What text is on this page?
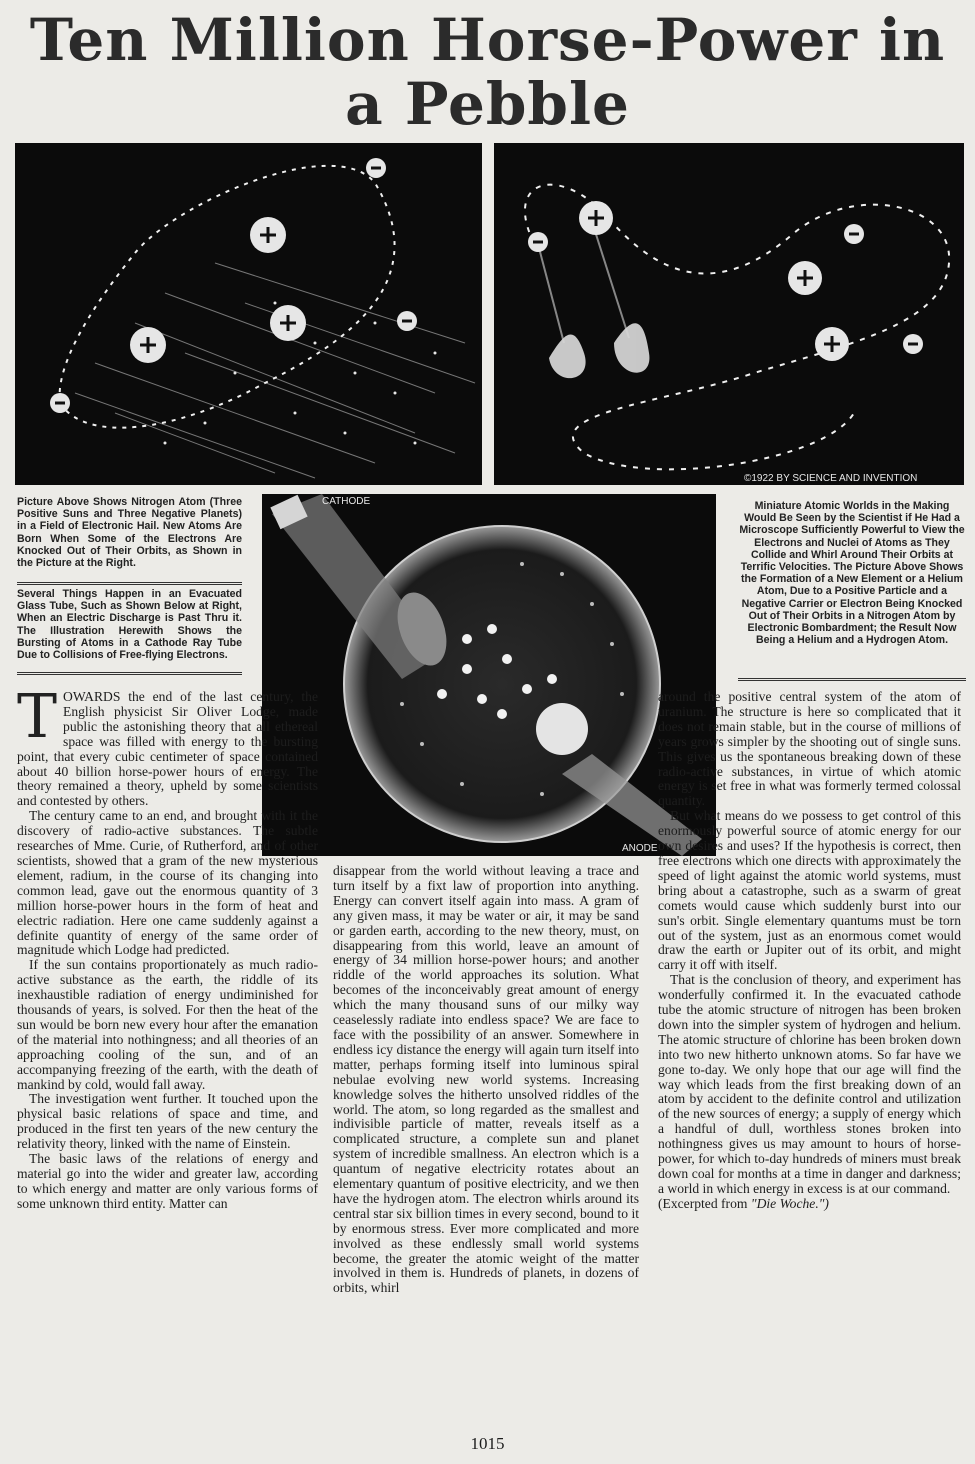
Ten Million Horse-Power in a Pebble
©1922 BY SCIENCE AND INVENTION
Picture Above Shows Nitrogen Atom (Three Positive Suns and Three Negative Planets) in a Field of Electronic Hail. New Atoms Are Born When Some of the Electrons Are Knocked Out of Their Orbits, as Shown in the Picture at the Right.
Several Things Happen in an Evacuated Glass Tube, Such as Shown Below at Right, When an Electric Discharge is Past Thru it. The Illustration Herewith Shows the Bursting of Atoms in a Cathode Ray Tube Due to Collisions of Free-flying Electrons.
CATHODE
ANODE
Miniature Atomic Worlds in the Making Would Be Seen by the Scientist if He Had a Microscope Sufficiently Powerful to View the Electrons and Nuclei of Atoms as They Collide and Whirl Around Their Orbits at Terrific Velocities. The Picture Above Shows the Formation of a New Element or a Helium Atom, Due to a Positive Particle and a Negative Carrier or Electron Being Knocked Out of Their Orbits in a Nitrogen Atom by Electronic Bombardment; the Result Now Being a Helium and a Hydrogen Atom.

TOWARDS the end of the last century, the English physicist Sir Oliver Lodge, made public the astonishing theory that all ethereal space was filled with energy to the bursting point, that every cubic centimeter of space contained about 40 billion horse-power hours of energy. The theory remained a theory, upheld by some scientists and contested by others.

The century came to an end, and brought with it the discovery of radio-active substances. The subtle researches of Mme. Curie, of Rutherford, and of other scientists, showed that a gram of the new mysterious element, radium, in the course of its changing into common lead, gave out the enormous quantity of 3 million horse-power hours in the form of heat and electric radiation. Here one came suddenly against a definite quantity of energy of the same order of magnitude which Lodge had predicted.

If the sun contains proportionately as much radio-active substance as the earth, the riddle of its inexhaustible radiation of energy undiminished for thousands of years, is solved. For then the heat of the sun would be born new every hour after the emanation of the material into nothingness; and all theories of an approaching cooling of the sun, and of an accompanying freezing of the earth, with the death of mankind by cold, would fall away.

The investigation went further. It touched upon the physical basic relations of space and time, and produced in the first ten years of the new century the relativity theory, linked with the name of Einstein.

The basic laws of the relations of energy and material go into the wider and greater law, according to which energy and matter are only various forms of some unknown third entity. Matter can

disappear from the world without leaving a trace and turn itself by a fixt law of proportion into anything. Energy can convert itself again into mass. A gram of any given mass, it may be water or air, it may be sand or garden earth, according to the new theory, must, on disappearing from this world, leave an amount of energy of 34 million horse-power hours; and another riddle of the world approaches its solution. What becomes of the inconceivably great amount of energy which the many thousand suns of our milky way ceaselessly radiate into endless space? We are face to face with the possibility of an answer. Somewhere in endless icy distance the energy will again turn itself into matter, perhaps forming itself into luminous spiral nebulae evolving new world systems. Increasing knowledge solves the hitherto unsolved riddles of the world. The atom, so long regarded as the smallest and indivisible particle of matter, reveals itself as a complicated structure, a complete sun and planet system of incredible smallness. An electron which is a quantum of negative electricity rotates about an elementary quantum of positive electricity, and we then have the hydrogen atom. The electron whirls around its central star six billion times in every second, bound to it by enormous stress. Ever more complicated and more involved as these endlessly small world systems become, the greater the atomic weight of the matter involved in them is. Hundreds of planets, in dozens of orbits, whirl

around the positive central system of the atom of uranium. The structure is here so complicated that it does not remain stable, but in the course of millions of years grows simpler by the shooting out of single suns. This gives us the spontaneous breaking down of these radio-active substances, in virtue of which atomic energy is set free in what was formerly termed colossal quantity.

But what means do we possess to get control of this enormously powerful source of atomic energy for our own desires and uses? If the hypothesis is correct, then free electrons which one directs with approximately the speed of light against the atomic world systems, must bring about a catastrophe, such as a swarm of great comets would cause which suddenly burst into our sun's orbit. Single elementary quantums must be torn out of the system, just as an enormous comet would draw the earth or Jupiter out of its orbit, and might carry it off with itself.

That is the conclusion of theory, and experiment has wonderfully confirmed it. In the evacuated cathode tube the atomic structure of nitrogen has been broken down into the simpler system of hydrogen and helium. The atomic structure of chlorine has been broken down into two new hitherto unknown atoms. So far have we gone to-day. We only hope that our age will find the way which leads from the first breaking down of an atom by accident to the definite control and utilization of the new sources of energy; a supply of energy which a handful of dull, worthless stones broken into nothingness gives us may amount to hours of horse-power, for which to-day hundreds of miners must break down coal for months at a time in danger and darkness; a world in which energy in excess is at our command.

(Excerpted from "Die Woche.")

1015
